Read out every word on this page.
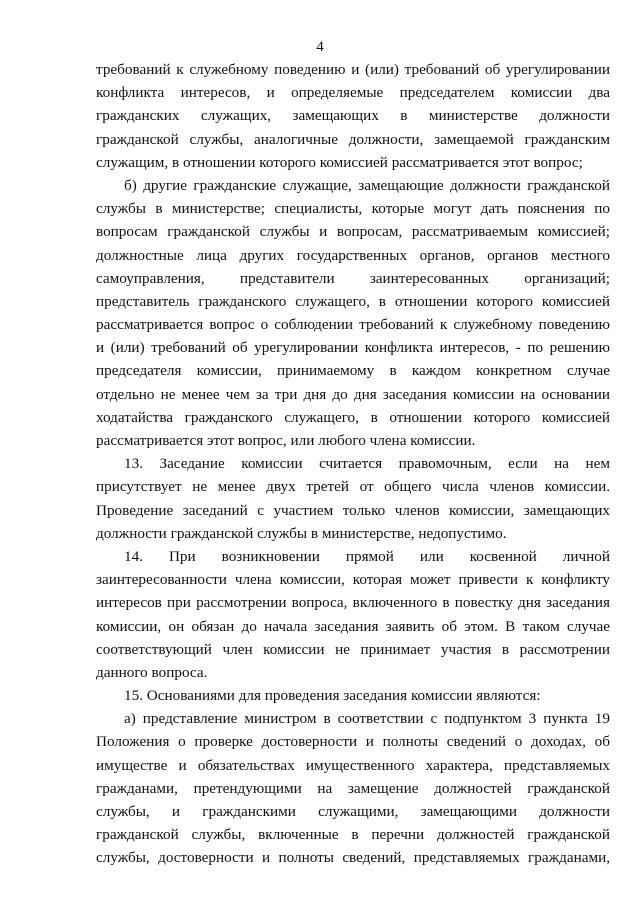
4
требований к служебному поведению и (или) требований об урегулировании
конфликта интересов, и определяемые председателем комиссии два
гражданских служащих, замещающих в министерстве должности
гражданской службы, аналогичные должности, замещаемой гражданским
служащим, в отношении которого комиссией рассматривается этот вопрос;
б) другие гражданские служащие, замещающие должности гражданской
службы в министерстве; специалисты, которые могут дать пояснения по
вопросам гражданской службы и вопросам, рассматриваемым комиссией;
должностные лица других государственных органов, органов местного
самоуправления, представители заинтересованных организаций;
представитель гражданского служащего, в отношении которого комиссией
рассматривается вопрос о соблюдении требований к служебному поведению
и (или) требований об урегулировании конфликта интересов, - по решению
председателя комиссии, принимаемому в каждом конкретном случае
отдельно не менее чем за три дня до дня заседания комиссии на основании
ходатайства гражданского служащего, в отношении которого комиссией
рассматривается этот вопрос, или любого члена комиссии.
13. Заседание комиссии считается правомочным, если на нем
присутствует не менее двух третей от общего числа членов комиссии.
Проведение заседаний с участием только членов комиссии, замещающих
должности гражданской службы в министерстве, недопустимо.
14. При возникновении прямой или косвенной личной
заинтересованности члена комиссии, которая может привести к конфликту
интересов при рассмотрении вопроса, включенного в повестку дня заседания
комиссии, он обязан до начала заседания заявить об этом. В таком случае
соответствующий член комиссии не принимает участия в рассмотрении
данного вопроса.
15. Основаниями для проведения заседания комиссии являются:
а) представление министром в соответствии с подпунктом 3 пункта 19
Положения о проверке достоверности и полноты сведений о доходах, об
имуществе и обязательствах имущественного характера, представляемых
гражданами, претендующими на замещение должностей гражданской
службы, и гражданскими служащими, замещающими должности
гражданской службы, включенные в перечни должностей гражданской
службы, достоверности и полноты сведений, представляемых гражданами,
